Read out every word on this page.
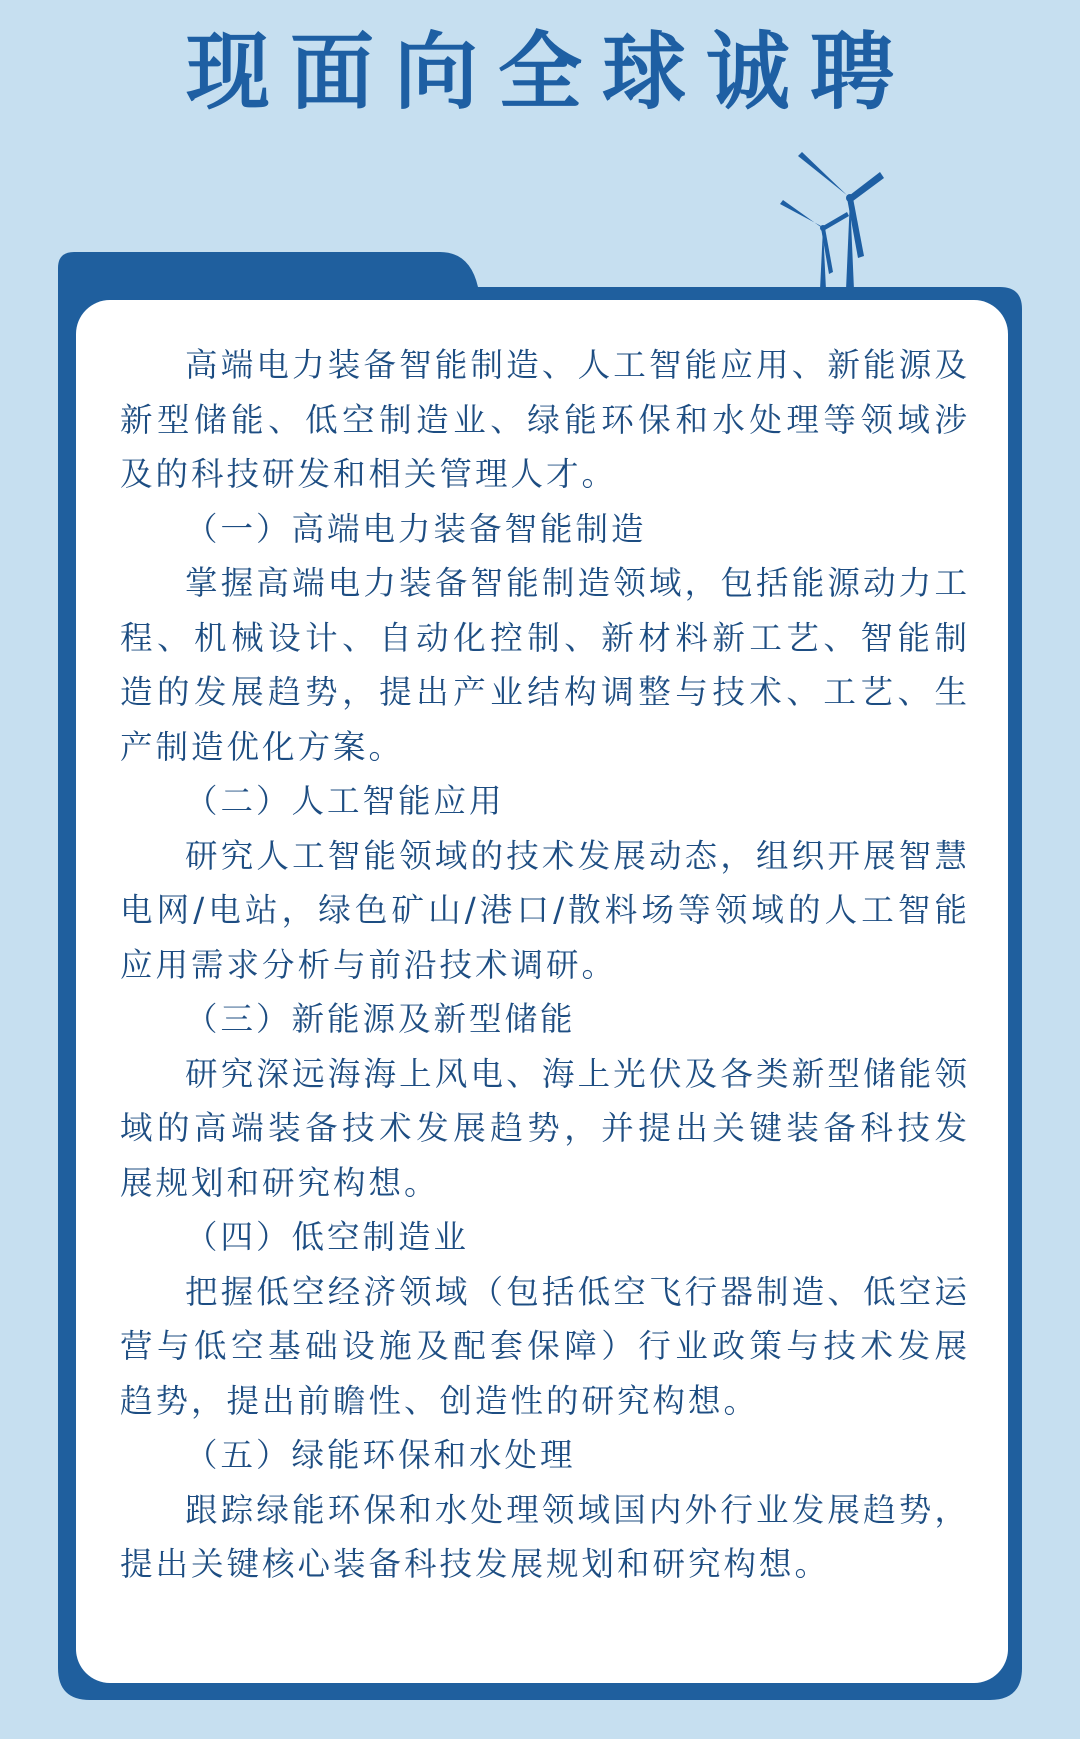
现面向全球诚聘

高端电力装备智能制造、人工智能应用、新能源及新型储能、低空制造业、绿能环保和水处理等领域涉及的科技研发和相关管理人才。

（一）高端电力装备智能制造

掌握高端电力装备智能制造领域，包括能源动力工程、机械设计、自动化控制、新材料新工艺、智能制造的发展趋势，提出产业结构调整与技术、工艺、生产制造优化方案。

（二）人工智能应用

研究人工智能领域的技术发展动态，组织开展智慧电网/电站，绿色矿山/港口/散料场等领域的人工智能应用需求分析与前沿技术调研。

（三）新能源及新型储能

研究深远海海上风电、海上光伏及各类新型储能领域的高端装备技术发展趋势，并提出关键装备科技发展规划和研究构想。

（四）低空制造业

把握低空经济领域（包括低空飞行器制造、低空运营与低空基础设施及配套保障）行业政策与技术发展趋势，提出前瞻性、创造性的研究构想。

（五）绿能环保和水处理

跟踪绿能环保和水处理领域国内外行业发展趋势，提出关键核心装备科技发展规划和研究构想。
